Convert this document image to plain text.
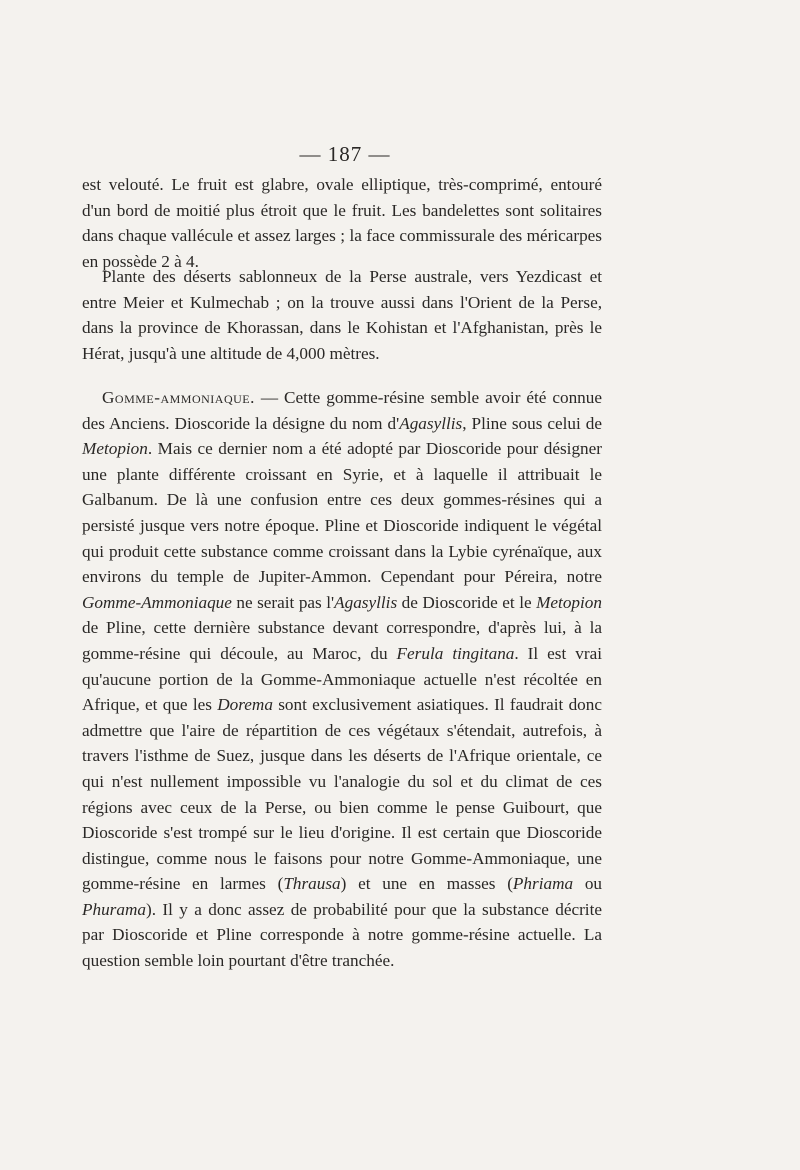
— 187 —

est velouté. Le fruit est glabre, ovale elliptique, très-comprimé, entouré d'un bord de moitié plus étroit que le fruit. Les bandelettes sont solitaires dans chaque vallécule et assez larges ; la face commissurale des méricarpes en possède 2 à 4.

Plante des déserts sablonneux de la Perse australe, vers Yezdicast et entre Meier et Kulmechab ; on la trouve aussi dans l'Orient de la Perse, dans la province de Khorassan, dans le Kohistan et l'Afghanistan, près le Hérat, jusqu'à une altitude de 4,000 mètres.

Gomme-ammoniaque. — Cette gomme-résine semble avoir été connue des Anciens. Dioscoride la désigne du nom d'Agasyllis, Pline sous celui de Metopion. Mais ce dernier nom a été adopté par Dioscoride pour désigner une plante différente croissant en Syrie, et à laquelle il attribuait le Galbanum. De là une confusion entre ces deux gommes-résines qui a persisté jusque vers notre époque. Pline et Dioscoride indiquent le végétal qui produit cette substance comme croissant dans la Lybie cyrénaïque, aux environs du temple de Jupiter-Ammon. Cependant pour Péreira, notre Gomme-Ammoniaque ne serait pas l'Agasyllis de Dioscoride et le Metopion de Pline, cette dernière substance devant correspondre, d'après lui, à la gomme-résine qui découle, au Maroc, du Ferula tingitana. Il est vrai qu'aucune portion de la Gomme-Ammoniaque actuelle n'est récoltée en Afrique, et que les Dorema sont exclusivement asiatiques. Il faudrait donc admettre que l'aire de répartition de ces végétaux s'étendait, autrefois, à travers l'isthme de Suez, jusque dans les déserts de l'Afrique orientale, ce qui n'est nullement impossible vu l'analogie du sol et du climat de ces régions avec ceux de la Perse, ou bien comme le pense Guibourt, que Dioscoride s'est trompé sur le lieu d'origine. Il est certain que Dioscoride distingue, comme nous le faisons pour notre Gomme-Ammoniaque, une gomme-résine en larmes (Thrausa) et une en masses (Phriama ou Phurama). Il y a donc assez de probabilité pour que la substance décrite par Dioscoride et Pline corresponde à notre gomme-résine actuelle. La question semble loin pourtant d'être tranchée.
